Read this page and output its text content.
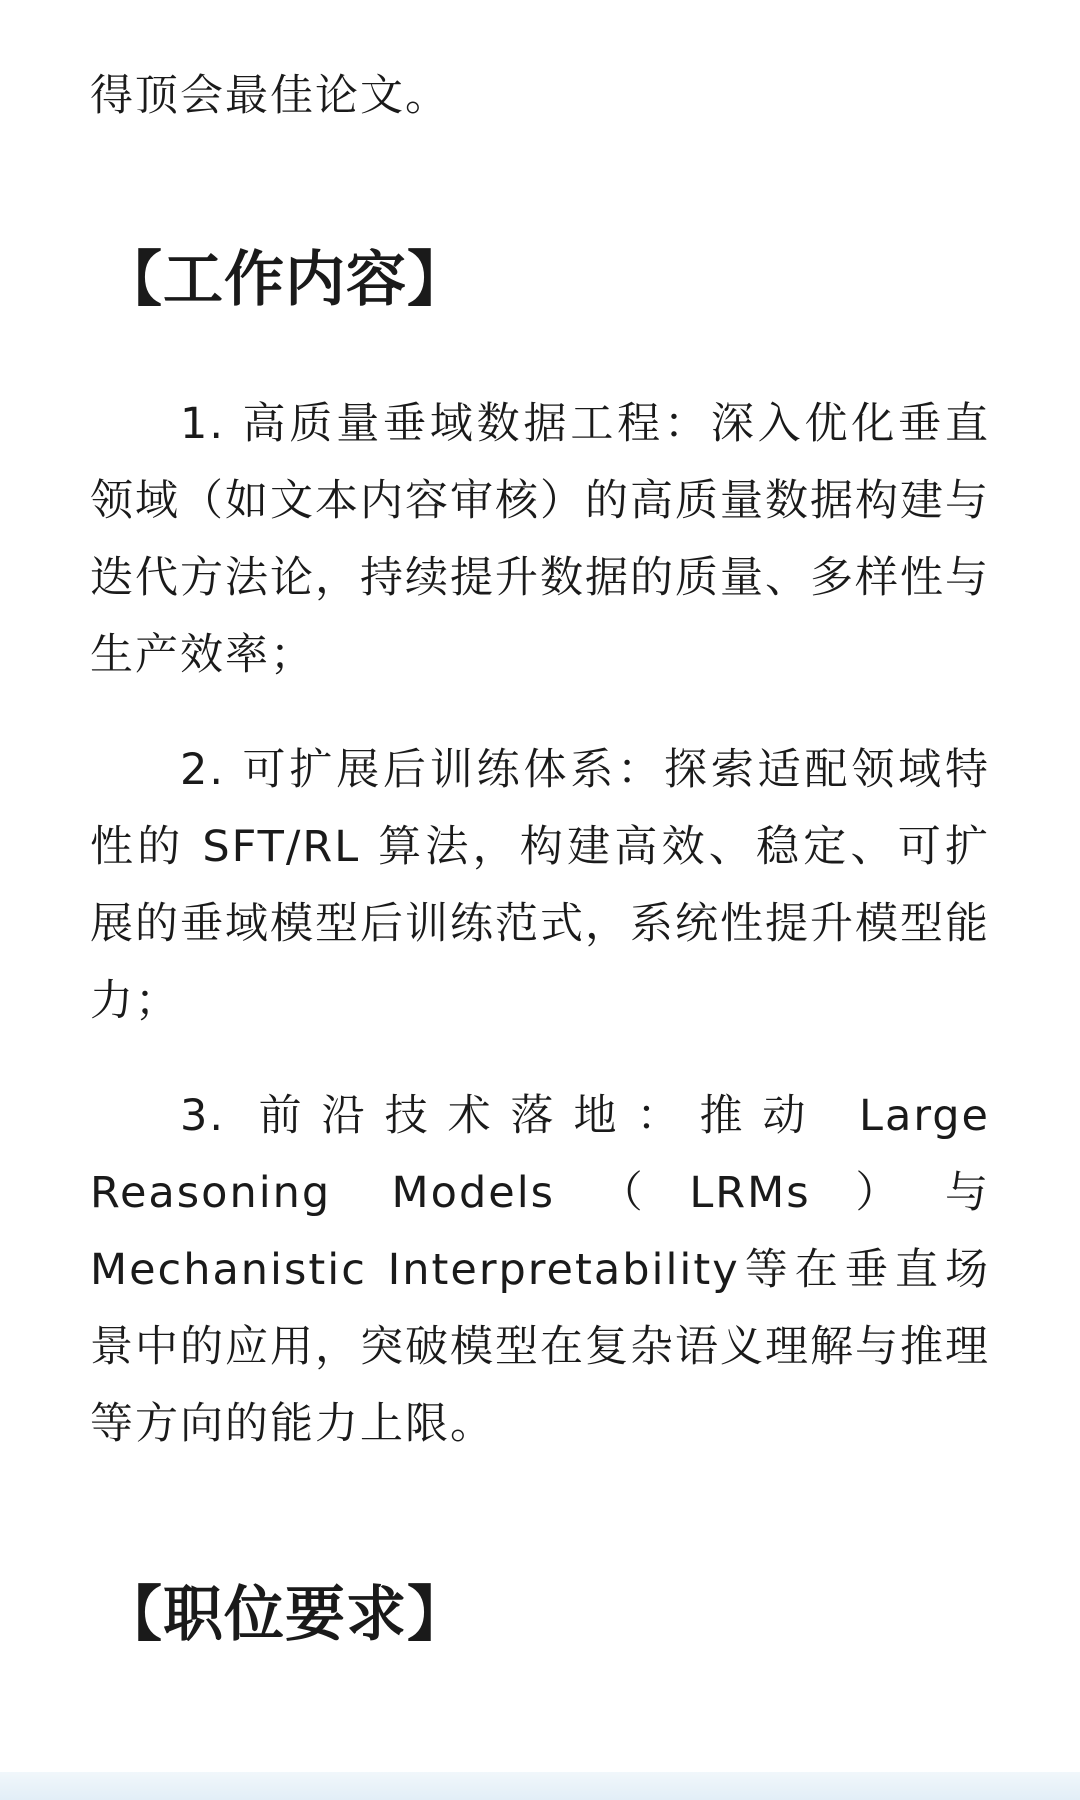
得顶会最佳论文。

【工作内容】

1. 高质量垂域数据工程：深入优化垂直领域（如文本内容审核）的高质量数据构建与迭代方法论，持续提升数据的质量、多样性与生产效率；

2. 可扩展后训练体系：探索适配领域特性的 SFT/RL 算法，构建高效、稳定、可扩展的垂域模型后训练范式，系统性提升模型能力；

3. 前沿技术落地：推动 Large Reasoning Models（LRMs）与 Mechanistic Interpretability等在垂直场景中的应用，突破模型在复杂语义理解与推理等方向的能力上限。

【职位要求】
